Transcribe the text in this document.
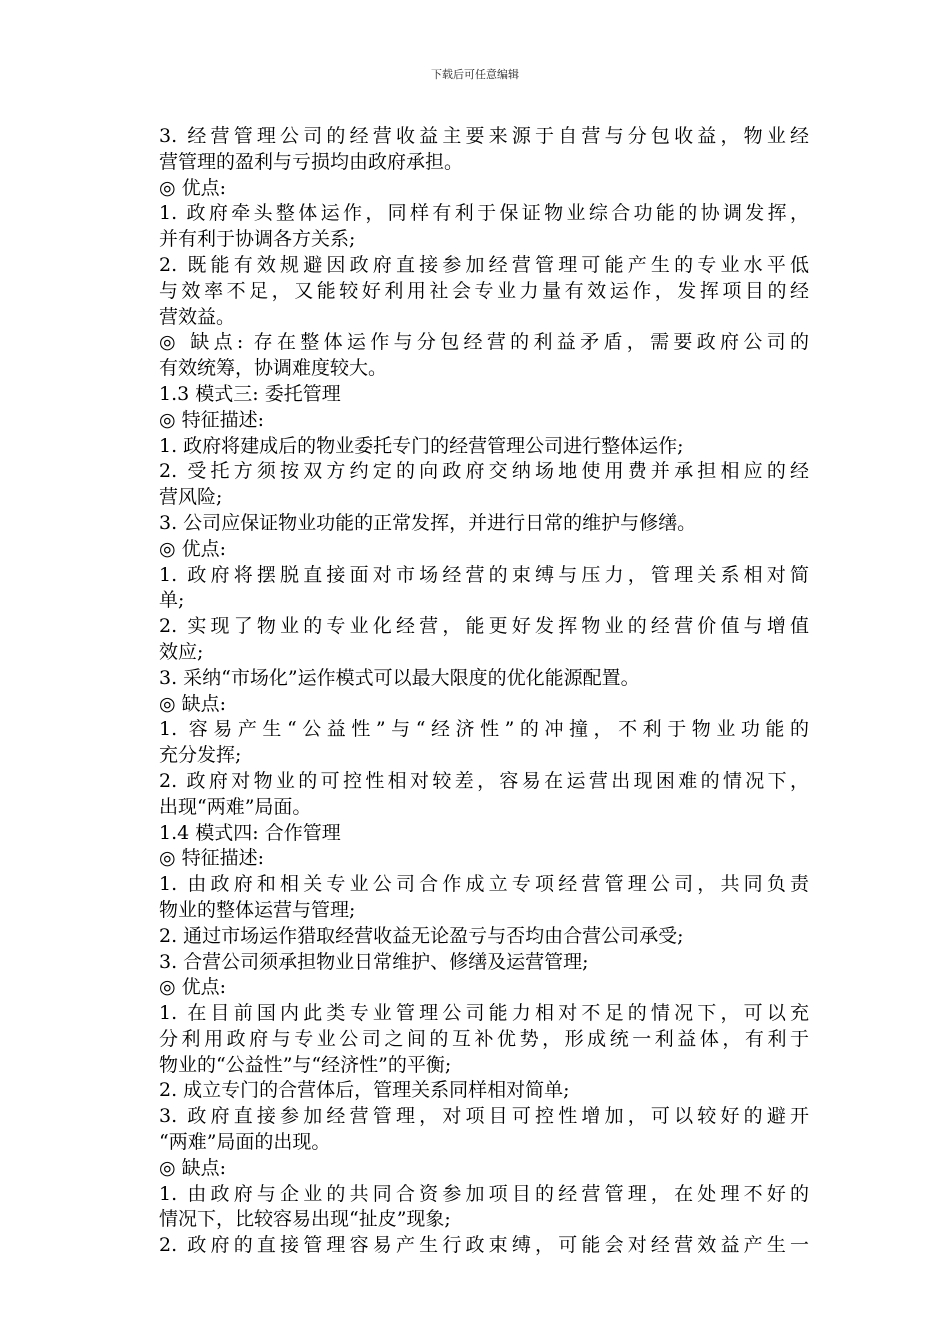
下载后可任意编辑
3. 经营管理公司的经营收益主要来源于自营与分包收益，物业经
营管理的盈利与亏损均由政府承担。
◎ 优点:
1. 政府牵头整体运作，同样有利于保证物业综合功能的协调发挥，
并有利于协调各方关系;
2. 既能有效规避因政府直接参加经营管理可能产生的专业水平低
与效率不足，又能较好利用社会专业力量有效运作，发挥项目的经
营效益。
◎ 缺点: 存在整体运作与分包经营的利益矛盾，需要政府公司的
有效统筹，协调难度较大。
1.3 模式三: 委托管理
◎ 特征描述:
1. 政府将建成后的物业委托专门的经营管理公司进行整体运作;
2. 受托方须按双方约定的向政府交纳场地使用费并承担相应的经
营风险;
3. 公司应保证物业功能的正常发挥，并进行日常的维护与修缮。
◎ 优点:
1. 政府将摆脱直接面对市场经营的束缚与压力，管理关系相对简
单;
2. 实现了物业的专业化经营，能更好发挥物业的经营价值与增值
效应;
3. 采纳“市场化”运作模式可以最大限度的优化能源配置。
◎ 缺点:
1. 容易产生“公益性”与“经济性”的冲撞，不利于物业功能的
充分发挥;
2. 政府对物业的可控性相对较差，容易在运营出现困难的情况下，
出现“两难”局面。
1.4 模式四: 合作管理
◎ 特征描述:
1. 由政府和相关专业公司合作成立专项经营管理公司，共同负责
物业的整体运营与管理;
2. 通过市场运作猎取经营收益无论盈亏与否均由合营公司承受;
3. 合营公司须承担物业日常维护、修缮及运营管理;
◎ 优点:
1. 在目前国内此类专业管理公司能力相对不足的情况下，可以充
分利用政府与专业公司之间的互补优势，形成统一利益体，有利于
物业的“公益性”与“经济性”的平衡;
2. 成立专门的合营体后，管理关系同样相对简单;
3. 政府直接参加经营管理，对项目可控性增加，可以较好的避开
“两难”局面的出现。
◎ 缺点:
1. 由政府与企业的共同合资参加项目的经营管理，在处理不好的
情况下，比较容易出现“扯皮”现象;
2. 政府的直接管理容易产生行政束缚，可能会对经营效益产生一
